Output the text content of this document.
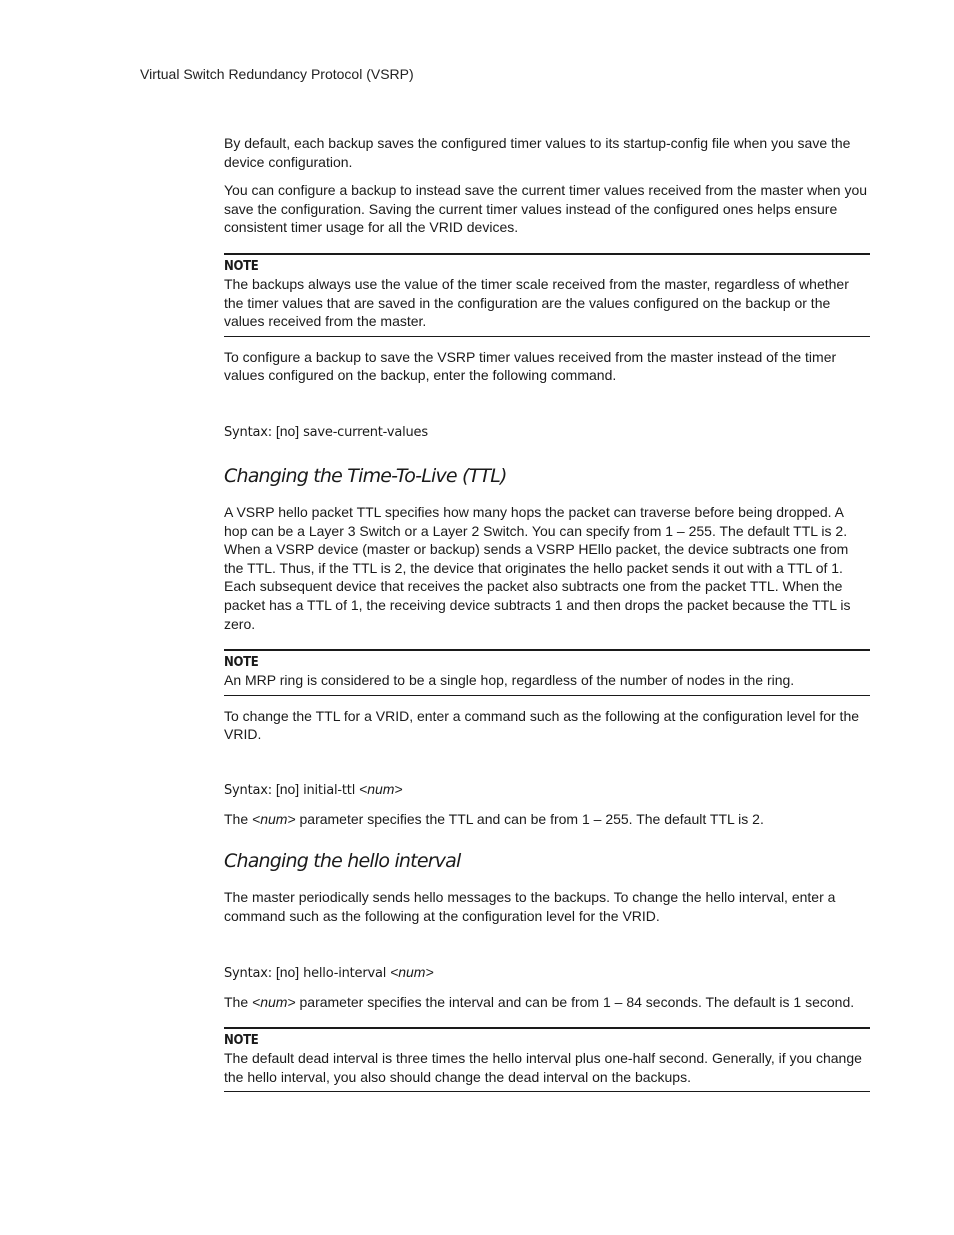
Virtual Switch Redundancy Protocol (VSRP)

By default, each backup saves the configured timer values to its startup-config file when you save the device configuration.

You can configure a backup to instead save the current timer values received from the master when you save the configuration. Saving the current timer values instead of the configured ones helps ensure consistent timer usage for all the VRID devices.

NOTE

The backups always use the value of the timer scale received from the master, regardless of whether the timer values that are saved in the configuration are the values configured on the backup or the values received from the master.

To configure a backup to save the VSRP timer values received from the master instead of the timer values configured on the backup, enter the following command.

Syntax: [no] save-current-values

Changing the Time-To-Live (TTL)

A VSRP hello packet TTL specifies how many hops the packet can traverse before being dropped. A hop can be a Layer 3 Switch or a Layer 2 Switch. You can specify from 1 – 255. The default TTL is 2. When a VSRP device (master or backup) sends a VSRP HEllo packet, the device subtracts one from the TTL. Thus, if the TTL is 2, the device that originates the hello packet sends it out with a TTL of 1. Each subsequent device that receives the packet also subtracts one from the packet TTL. When the packet has a TTL of 1, the receiving device subtracts 1 and then drops the packet because the TTL is zero.

NOTE

An MRP ring is considered to be a single hop, regardless of the number of nodes in the ring.

To change the TTL for a VRID, enter a command such as the following at the configuration level for the VRID.

Syntax: [no] initial-ttl <num>

The <num> parameter specifies the TTL and can be from 1 – 255. The default TTL is 2.

Changing the hello interval

The master periodically sends hello messages to the backups. To change the hello interval, enter a command such as the following at the configuration level for the VRID.

Syntax: [no] hello-interval <num>

The <num> parameter specifies the interval and can be from 1 – 84 seconds. The default is 1 second.

NOTE

The default dead interval is three times the hello interval plus one-half second. Generally, if you change the hello interval, you also should change the dead interval on the backups.
